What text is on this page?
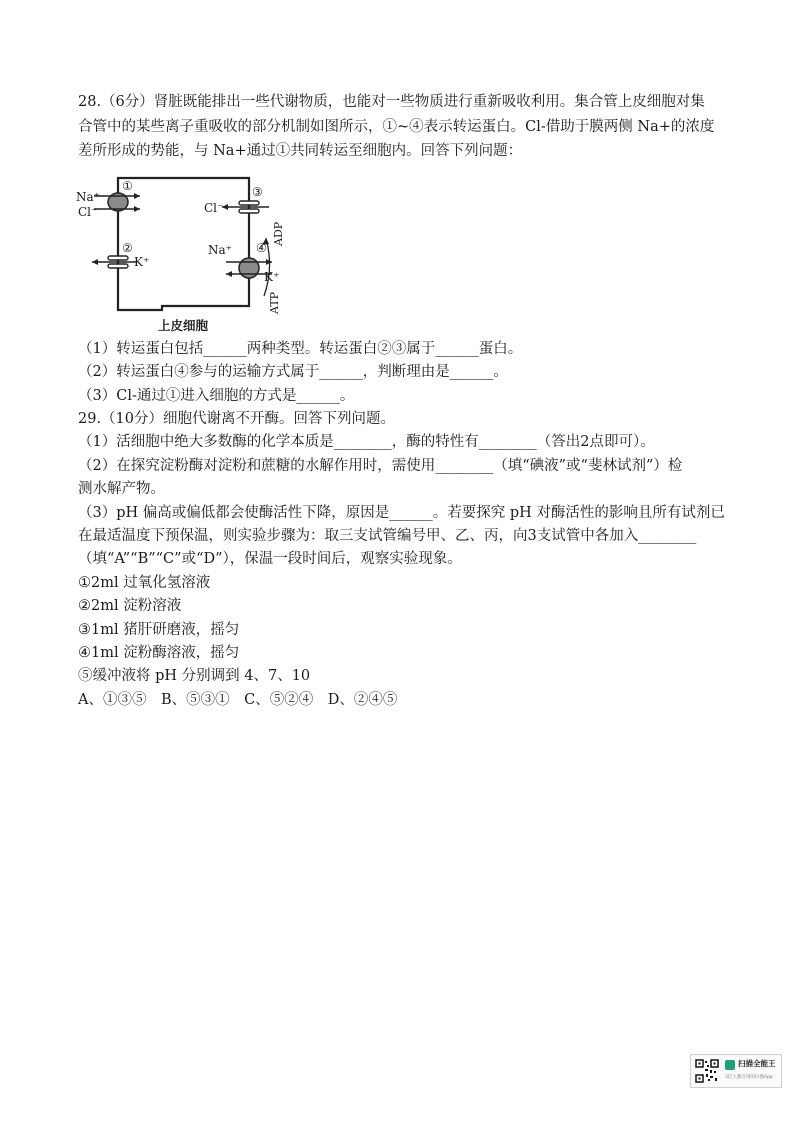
28.（6分）肾脏既能排出一些代谢物质，也能对一些物质进行重新吸收利用。集合管上皮细胞对集
合管中的某些离子重吸收的部分机制如图所示，①~④表示转运蛋白。Cl-借助于膜两侧 Na+的浓度
差所形成的势能，与 Na+通过①共同转运至细胞内。回答下列问题：
Na⁺
Cl⁻
K⁺
Cl⁻
Na⁺
K⁺
①
②
③
④
ADP
ATP
上皮细胞
（1）转运蛋白包括______两种类型。转运蛋白②③属于______蛋白。
（2）转运蛋白④参与的运输方式属于______，判断理由是______。
（3）Cl-通过①进入细胞的方式是______。
29.（10分）细胞代谢离不开酶。回答下列问题。
（1）活细胞中绝大多数酶的化学本质是________，酶的特性有________（答出2点即可）。
（2）在探究淀粉酶对淀粉和蔗糖的水解作用时，需使用________（填“碘液”或“斐林试剂”）检
测水解产物。
（3）pH 偏高或偏低都会使酶活性下降，原因是______。若要探究 pH 对酶活性的影响且所有试剂已
在最适温度下预保温，则实验步骤为：取三支试管编号甲、乙、丙，向3支试管中各加入________
（填“A”“B”“C”或“D”），保温一段时间后，观察实验现象。
①2ml 过氧化氢溶液
②2ml 淀粉溶液
③1ml 猪肝研磨液，摇匀
④1ml 淀粉酶溶液，摇匀
⑤缓冲液将 pH 分别调到 4、7、10
A、①③⑤　B、⑤③①　C、⑤②④　D、②④⑤
扫描全能王
3亿人都在用的扫描App
